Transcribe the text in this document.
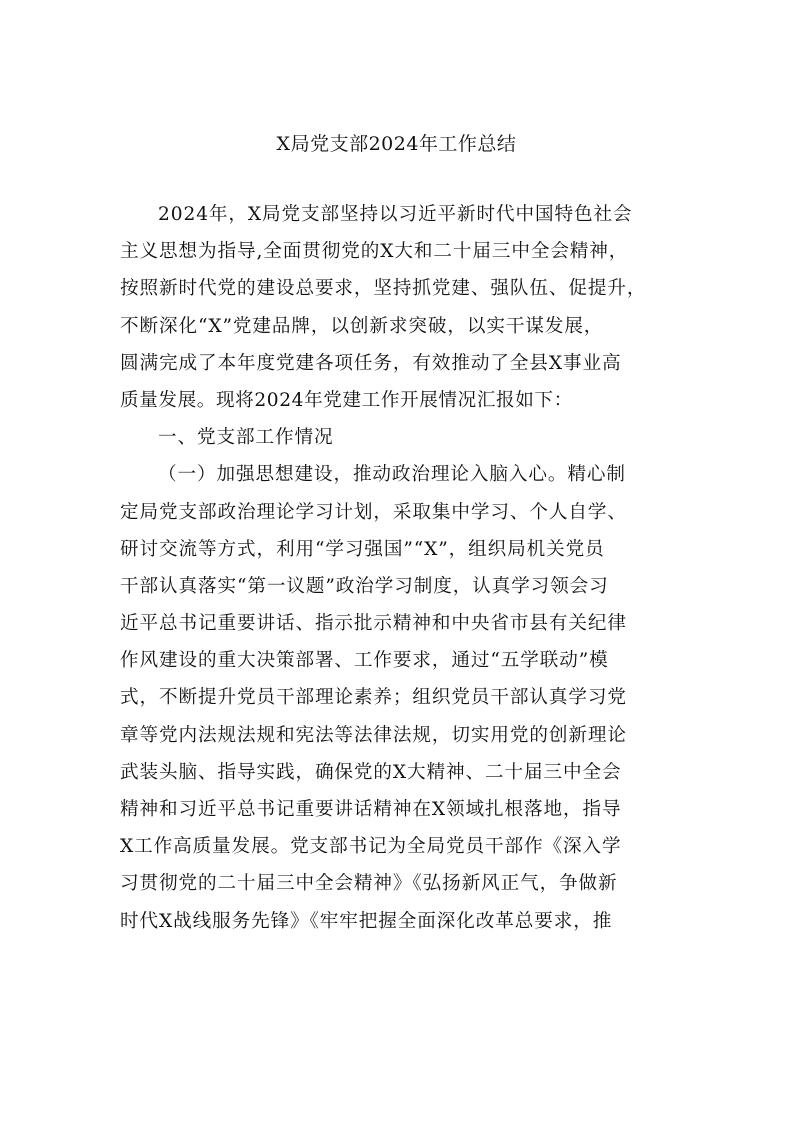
X局党支部2024年工作总结
2024年，X局党支部坚持以习近平新时代中国特色社会
主义思想为指导,全面贯彻党的X大和二十届三中全会精神，
按照新时代党的建设总要求，坚持抓党建、强队伍、促提升，
不断深化“X”党建品牌，以创新求突破，以实干谋发展，
圆满完成了本年度党建各项任务，有效推动了全县X事业高
质量发展。现将2024年党建工作开展情况汇报如下：
一、党支部工作情况
（一）加强思想建设，推动政治理论入脑入心。精心制
定局党支部政治理论学习计划，采取集中学习、个人自学、
研讨交流等方式，利用“学习强国”“X”，组织局机关党员
干部认真落实“第一议题”政治学习制度，认真学习领会习
近平总书记重要讲话、指示批示精神和中央省市县有关纪律
作风建设的重大决策部署、工作要求，通过“五学联动”模
式，不断提升党员干部理论素养；组织党员干部认真学习党
章等党内法规法规和宪法等法律法规，切实用党的创新理论
武装头脑、指导实践，确保党的X大精神、二十届三中全会
精神和习近平总书记重要讲话精神在X领域扎根落地，指导
X工作高质量发展。党支部书记为全局党员干部作《深入学
习贯彻党的二十届三中全会精神》《弘扬新风正气，争做新
时代X战线服务先锋》《牢牢把握全面深化改革总要求，推
